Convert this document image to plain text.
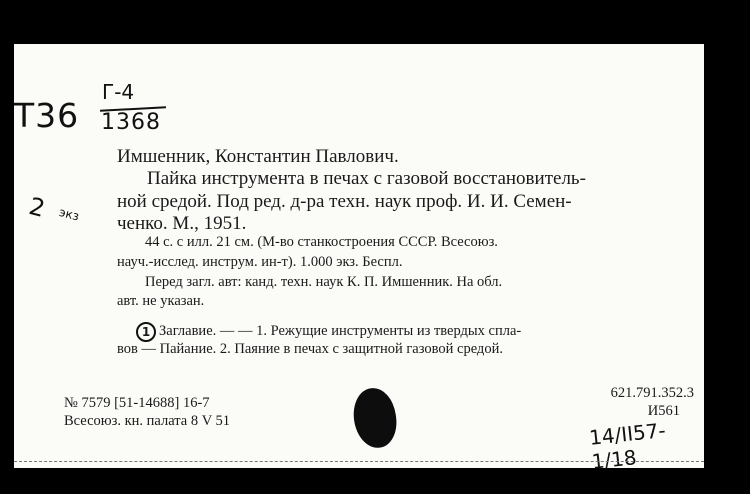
Т36
Г-4
1368
2 экз
Имшенник, Константин Павлович.
Пайка инструмента в печах с газовой восстановитель-
ной средой. Под ред. д-ра техн. наук проф. И. И. Семен-
ченко. М., 1951.
44 с. с илл. 21 см. (М-во станкостроения СССР. Всесоюз.
науч.-исслед. инструм. ин-т). 1.000 экз. Беспл.
Перед загл. авт: канд. техн. наук К. П. Имшенник. На обл.
авт. не указан.
1 Заглавие. — — 1. Режущие инструменты из твердых спла-
вов — Пайание. 2. Паяние в печах с защитной газовой средой.
№ 7579 [51-14688] 16-7
Всесоюз. кн. палата 8 V 51
621.791.352.3
И561
14/ІІ57-1/18
